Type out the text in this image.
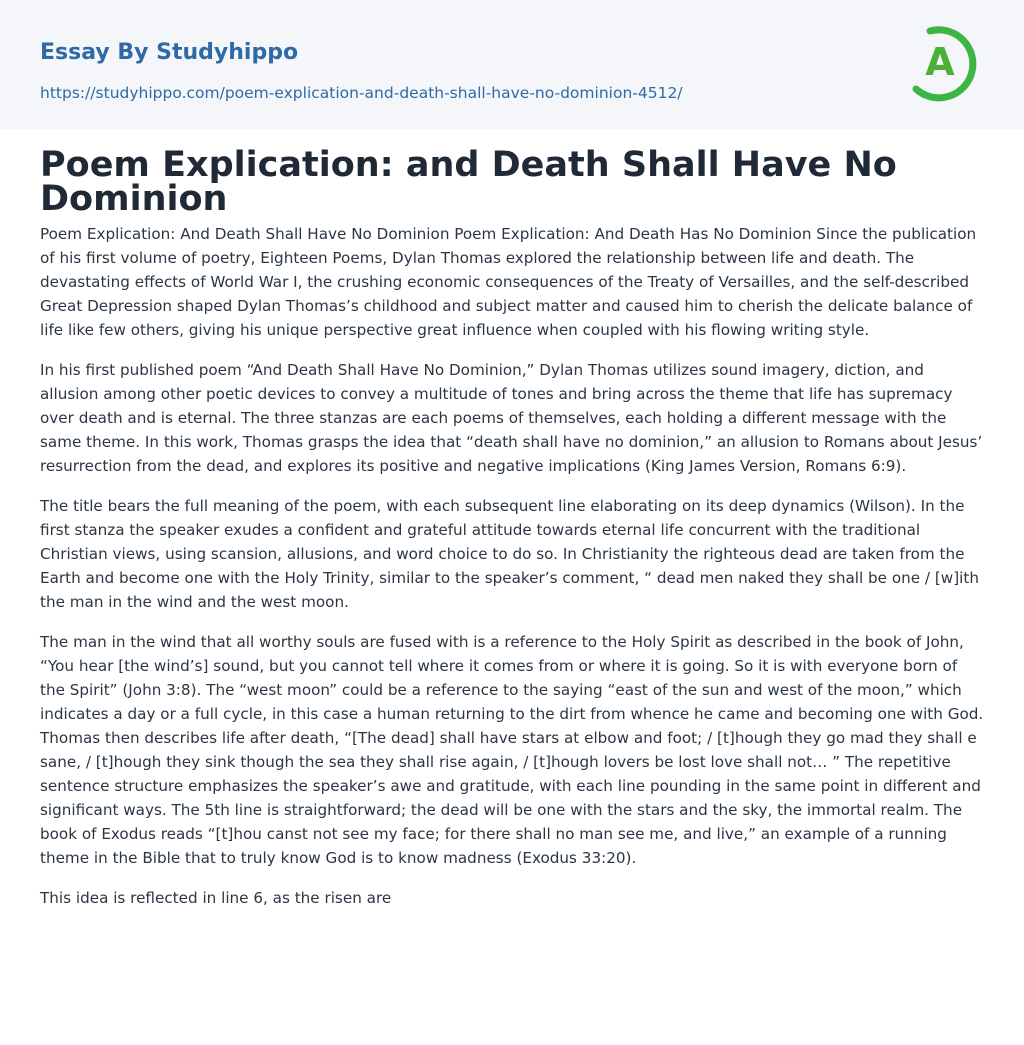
Essay By Studyhippo
https://studyhippo.com/poem-explication-and-death-shall-have-no-dominion-4512/
A
Poem Explication: and Death Shall Have No Dominion

Poem Explication: And Death Shall Have No Dominion Poem Explication: And Death Has No Dominion Since the publication of his first volume of poetry, Eighteen Poems, Dylan Thomas explored the relationship between life and death. The devastating effects of World War I, the crushing economic consequences of the Treaty of Versailles, and the self-described Great Depression shaped Dylan Thomas’s childhood and subject matter and caused him to cherish the delicate balance of life like few others, giving his unique perspective great influence when coupled with his flowing writing style.

In his first published poem “And Death Shall Have No Dominion,” Dylan Thomas utilizes sound imagery, diction, and allusion among other poetic devices to convey a multitude of tones and bring across the theme that life has supremacy over death and is eternal. The three stanzas are each poems of themselves, each holding a different message with the same theme. In this work, Thomas grasps the idea that “death shall have no dominion,” an allusion to Romans about Jesus’ resurrection from the dead, and explores its positive and negative implications (King James Version, Romans 6:9).

The title bears the full meaning of the poem, with each subsequent line elaborating on its deep dynamics (Wilson). In the first stanza the speaker exudes a confident and grateful attitude towards eternal life concurrent with the traditional Christian views, using scansion, allusions, and word choice to do so. In Christianity the righteous dead are taken from the Earth and become one with the Holy Trinity, similar to the speaker’s comment, “ dead men naked they shall be one / [w]ith the man in the wind and the west moon.

The man in the wind that all worthy souls are fused with is a reference to the Holy Spirit as described in the book of John, “You hear [the wind’s] sound, but you cannot tell where it comes from or where it is going. So it is with everyone born of the Spirit” (John 3:8). The “west moon” could be a reference to the saying “east of the sun and west of the moon,” which indicates a day or a full cycle, in this case a human returning to the dirt from whence he came and becoming one with God. Thomas then describes life after death, “[The dead] shall have stars at elbow and foot; / [t]hough they go mad they shall e sane, / [t]hough they sink though the sea they shall rise again, / [t]hough lovers be lost love shall not… ” The repetitive sentence structure emphasizes the speaker’s awe and gratitude, with each line pounding in the same point in different and significant ways. The 5th line is straightforward; the dead will be one with the stars and the sky, the immortal realm. The book of Exodus reads “[t]hou canst not see my face; for there shall no man see me, and live,” an example of a running theme in the Bible that to truly know God is to know madness (Exodus 33:20).

This idea is reflected in line 6, as the risen are
